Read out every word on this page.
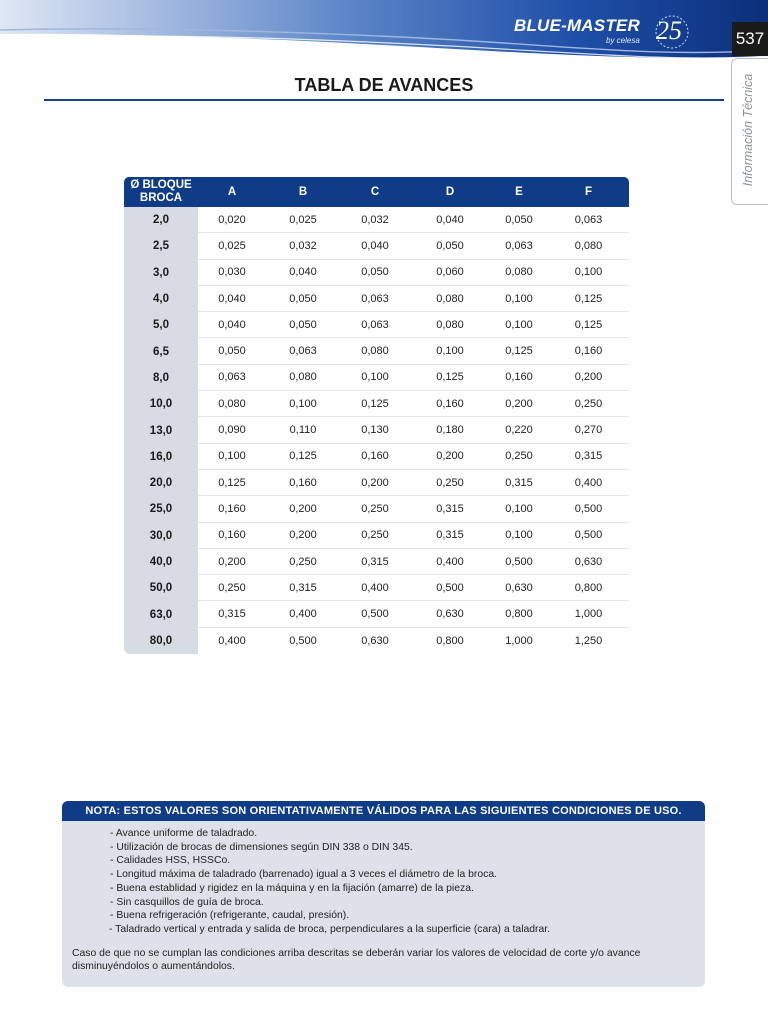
BLUE-MASTER
by celesa 25	537
Información Técnica
TABLA DE AVANCES
Ø BLOQUE
BROCA	A	B	C	D	E	F
2,0	0,020	0,025	0,032	0,040	0,050	0,063
2,5	0,025	0,032	0,040	0,050	0,063	0,080
3,0	0,030	0,040	0,050	0,060	0,080	0,100
4,0	0,040	0,050	0,063	0,080	0,100	0,125
5,0	0,040	0,050	0,063	0,080	0,100	0,125
6,5	0,050	0,063	0,080	0,100	0,125	0,160
8,0	0,063	0,080	0,100	0,125	0,160	0,200
10,0	0,080	0,100	0,125	0,160	0,200	0,250
13,0	0,090	0,110	0,130	0,180	0,220	0,270
16,0	0,100	0,125	0,160	0,200	0,250	0,315
20,0	0,125	0,160	0,200	0,250	0,315	0,400
25,0	0,160	0,200	0,250	0,315	0,100	0,500
30,0	0,160	0,200	0,250	0,315	0,100	0,500
40,0	0,200	0,250	0,315	0,400	0,500	0,630
50,0	0,250	0,315	0,400	0,500	0,630	0,800
63,0	0,315	0,400	0,500	0,630	0,800	1,000
80,0	0,400	0,500	0,630	0,800	1,000	1,250
NOTA: ESTOS VALORES SON ORIENTATIVAMENTE VÁLIDOS PARA LAS SIGUIENTES CONDICIONES DE USO.
- Avance uniforme de taladrado.
- Utilización de brocas de dimensiones según DIN 338 o DIN 345.
- Calidades HSS, HSSCo.
- Longitud máxima de taladrado (barrenado) igual a 3 veces el diámetro de la broca.
- Buena establidad y rigidez en la máquina y en la fijación (amarre) de la pieza.
- Sin casquillos de guía de broca.
- Buena refrigeración (refrigerante, caudal, presión).
- Taladrado vertical y entrada y salida de broca, perpendiculares a la superficie (cara) a taladrar.
Caso de que no se cumplan las condiciones arriba descritas se deberán variar los valores de velocidad de corte y/o avance disminuyéndolos o aumentándolos.
